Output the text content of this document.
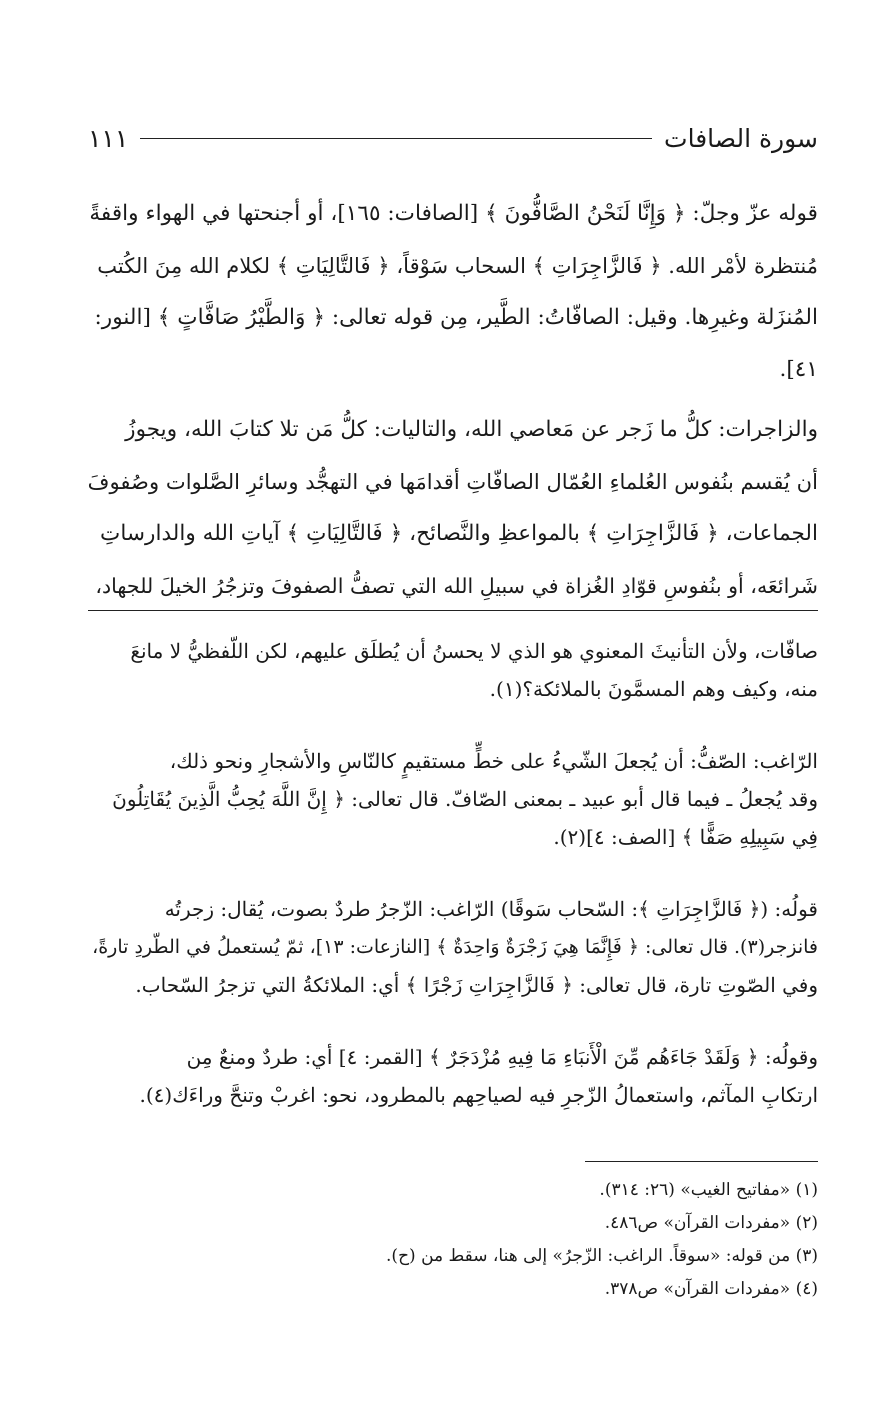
سورة الصافات
١١١
قوله عزّ وجلّ: ﴿ وَإِنَّا لَنَحْنُ الصَّافُّونَ ﴾ [الصافات: ١٦٥]، أو أجنحتها في الهواء واقفةً
مُنتظرة لأمْر الله. ﴿ فَالزَّاجِرَاتِ ﴾ السحاب سَوْقاً، ﴿ فَالتَّالِيَاتِ ﴾ لكلام الله مِنَ الكُتب
المُنزَلة وغيرِها. وقيل: الصافّاتُ: الطَّير، مِن قوله تعالى: ﴿ وَالطَّيْرُ صَافَّاتٍ ﴾ [النور:
٤١].
والزاجرات: كلُّ ما زَجر عن مَعاصي الله، والتاليات: كلُّ مَن تلا كتابَ الله، ويجوزُ
أن يُقسم بنُفوس العُلماءِ العُمّال الصافّاتِ أقدامَها في التهجُّد وسائرِ الصَّلوات وصُفوفَ
الجماعات، ﴿ فَالزَّاجِرَاتِ ﴾ بالمواعظِ والنَّصائح، ﴿ فَالتَّالِيَاتِ ﴾ آياتِ الله والدارساتِ
شَرائعَه، أو بنُفوسِ قوّادِ الغُزاة في سبيلِ الله التي تصفُّ الصفوفَ وتزجُرُ الخيلَ للجهاد،
صافّات، ولأن التأنيثَ المعنوي هو الذي لا يحسنُ أن يُطلَق عليهم، لكن اللّفظيُّ لا مانعَ
منه، وكيف وهم المسمَّونَ بالملائكة؟(١).
الرّاغب: الصّفُّ: أن يُجعلَ الشّيءُ على خطٍّ مستقيمٍ كالنّاسِ والأشجارِ ونحو ذلك،
وقد يُجعلُ ـ فيما قال أبو عبيد ـ بمعنى الصّافّ. قال تعالى: ﴿ إِنَّ اللَّهَ يُحِبُّ الَّذِينَ يُقَاتِلُونَ
فِي سَبِيلِهِ صَفًّا ﴾ [الصف: ٤](٢).
قولُه: (﴿ فَالزَّاجِرَاتِ ﴾: السّحاب سَوقًا) الرّاغب: الزّجرُ طردٌ بصوت، يُقال: زجرتُه
فانزجر(٣). قال تعالى: ﴿ فَإِنَّمَا هِيَ زَجْرَةٌ وَاحِدَةٌ ﴾ [النازعات: ١٣]، ثمّ يُستعملُ في الطّردِ تارةً،
وفي الصّوتِ تارة، قال تعالى: ﴿ فَالزَّاجِرَاتِ زَجْرًا ﴾ أي: الملائكةُ التي تزجرُ السّحاب.
وقولُه: ﴿ وَلَقَدْ جَاءَهُم مِّنَ الْأَنبَاءِ مَا فِيهِ مُزْدَجَرٌ ﴾ [القمر: ٤] أي: طردٌ ومنعٌ مِن
ارتكابِ المآثم، واستعمالُ الزّجرِ فيه لصياحِهم بالمطرود، نحو: اغربْ وتنحَّ وراءَك(٤).
(١) «مفاتيح الغيب» (٢٦: ٣١٤).
(٢) «مفردات القرآن» ص٤٨٦.
(٣) من قوله: «سوقاً. الراغب: الزّجرُ» إلى هنا، سقط من (ح).
(٤) «مفردات القرآن» ص٣٧٨.
